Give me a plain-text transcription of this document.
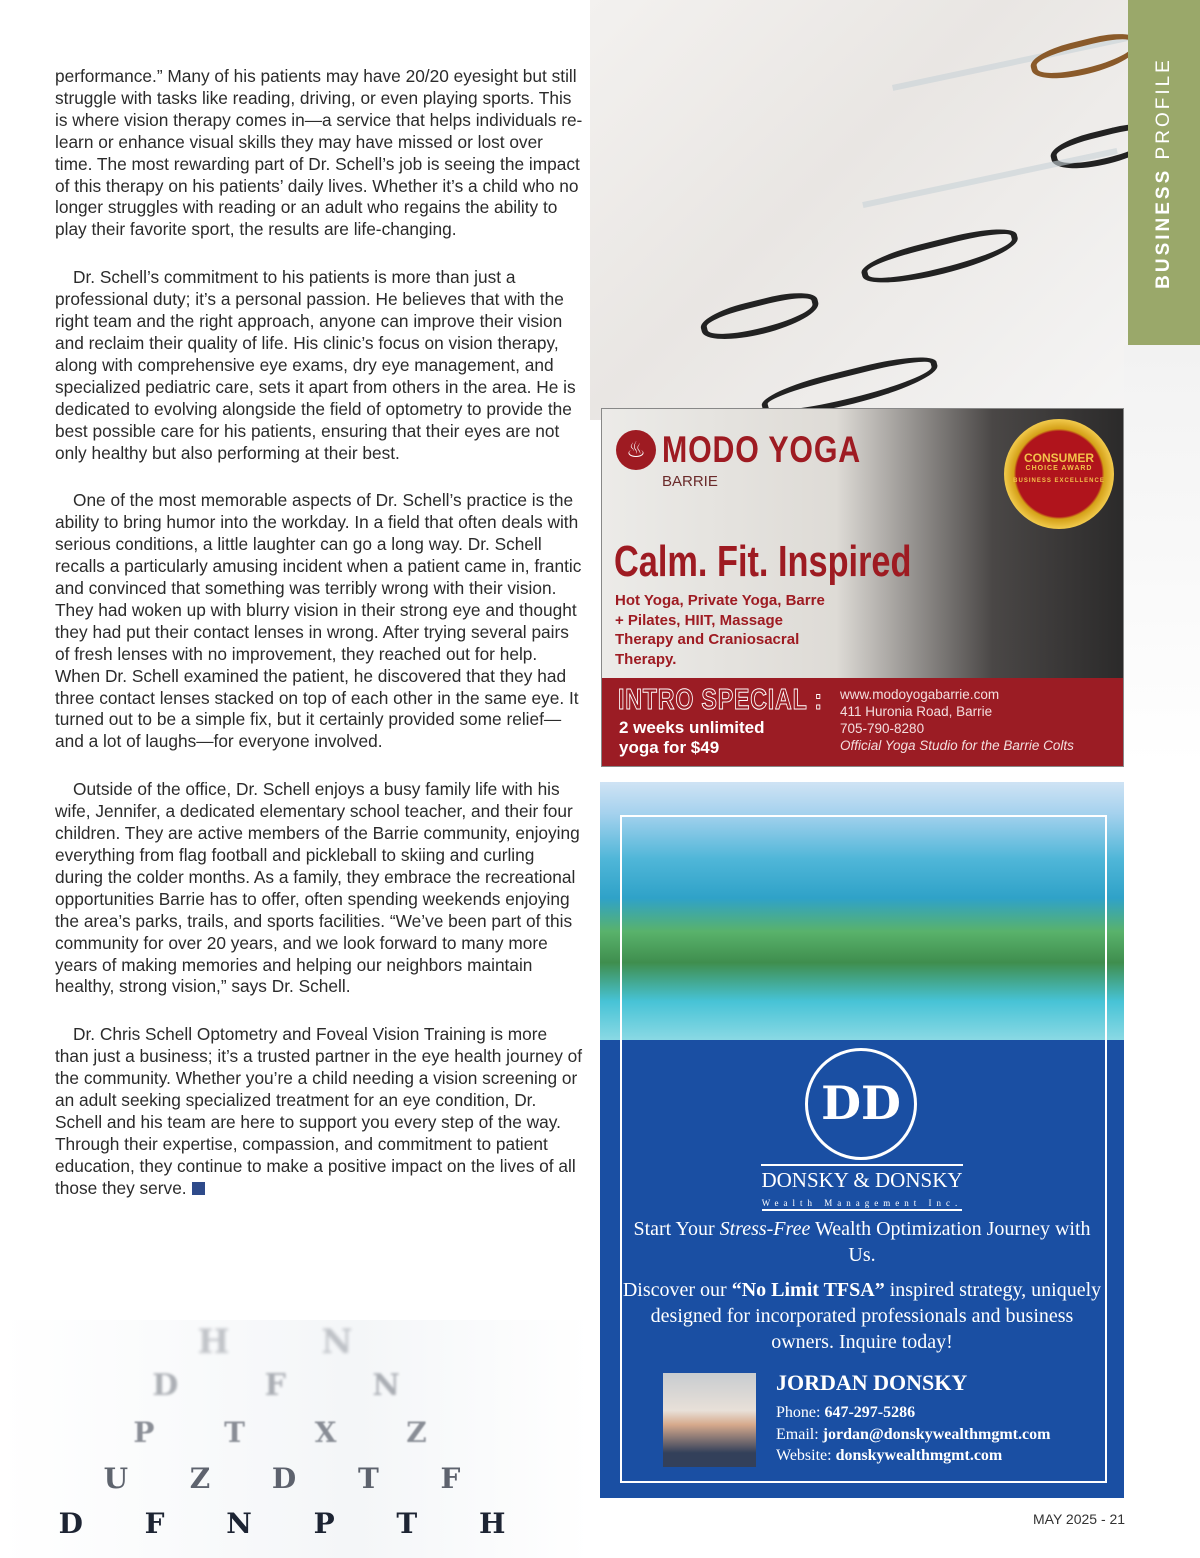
BUSINESS PROFILE

performance.” Many of his patients may have 20/20 eyesight but still struggle with tasks like reading, driving, or even playing sports. This is where vision therapy comes in—a service that helps individuals re-learn or enhance visual skills they may have missed or lost over time. The most rewarding part of Dr. Schell’s job is seeing the impact of this therapy on his patients’ daily lives. Whether it’s a child who no longer struggles with reading or an adult who regains the ability to play their favorite sport, the results are life-changing.

Dr. Schell’s commitment to his patients is more than just a professional duty; it’s a personal passion. He believes that with the right team and the right approach, anyone can improve their vision and reclaim their quality of life. His clinic’s focus on vision therapy, along with comprehensive eye exams, dry eye management, and specialized pediatric care, sets it apart from others in the area. He is dedicated to evolving alongside the field of optometry to provide the best possible care for his patients, ensuring that their eyes are not only healthy but also performing at their best.

One of the most memorable aspects of Dr. Schell’s practice is the ability to bring humor into the workday. In a field that often deals with serious conditions, a little laughter can go a long way. Dr. Schell recalls a particularly amusing incident when a patient came in, frantic and convinced that something was terribly wrong with their vision. They had woken up with blurry vision in their strong eye and thought they had put their contact lenses in wrong. After trying several pairs of fresh lenses with no improvement, they reached out for help. When Dr. Schell examined the patient, he discovered that they had three contact lenses stacked on top of each other in the same eye. It turned out to be a simple fix, but it certainly provided some relief—and a lot of laughs—for everyone involved.

Outside of the office, Dr. Schell enjoys a busy family life with his wife, Jennifer, a dedicated elementary school teacher, and their four children. They are active members of the Barrie community, enjoying everything from flag football and pickleball to skiing and curling during the colder months. As a family, they embrace the recreational opportunities Barrie has to offer, often spending weekends enjoying the area’s parks, trails, and sports facilities. “We’ve been part of this community for over 20 years, and we look forward to many more years of making memories and helping our neighbors maintain healthy, strong vision,” says Dr. Schell.

Dr. Chris Schell Optometry and Foveal Vision Training is more than just a business; it’s a trusted partner in the eye health journey of the community. Whether you’re a child needing a vision screening or an adult seeking specialized treatment for an eye condition, Dr. Schell and his team are here to support you every step of the way. Through their expertise, compassion, and commitment to patient education, they continue to make a positive impact on the lives of all those they serve.

H N
D F N
P T X Z
U Z D T F
D F N P T H
♨ MODO YOGA
BARRIE
CONSUMER
CHOICE AWARD
BUSINESS EXCELLENCE
Calm. Fit. Inspired
Hot Yoga, Private Yoga, Barre + Pilates, HIIT, Massage Therapy and Craniosacral Therapy.
INTRO SPECIAL :
2 weeks unlimited
yoga for $49
www.modoyogabarrie.com
411 Huronia Road, Barrie
705-790-8280
Official Yoga Studio for the Barrie Colts
DD
DONSKY & DONSKY
Wealth Management Inc.
Start Your Stress-Free Wealth Optimization Journey with Us.
Discover our “No Limit TFSA” inspired strategy, uniquely designed for incorporated professionals and business owners. Inquire today!
JORDAN DONSKY
Phone: 647-297-5286
Email: jordan@donskywealthmgmt.com
Website: donskywealthmgmt.com
MAY 2025 - 21
